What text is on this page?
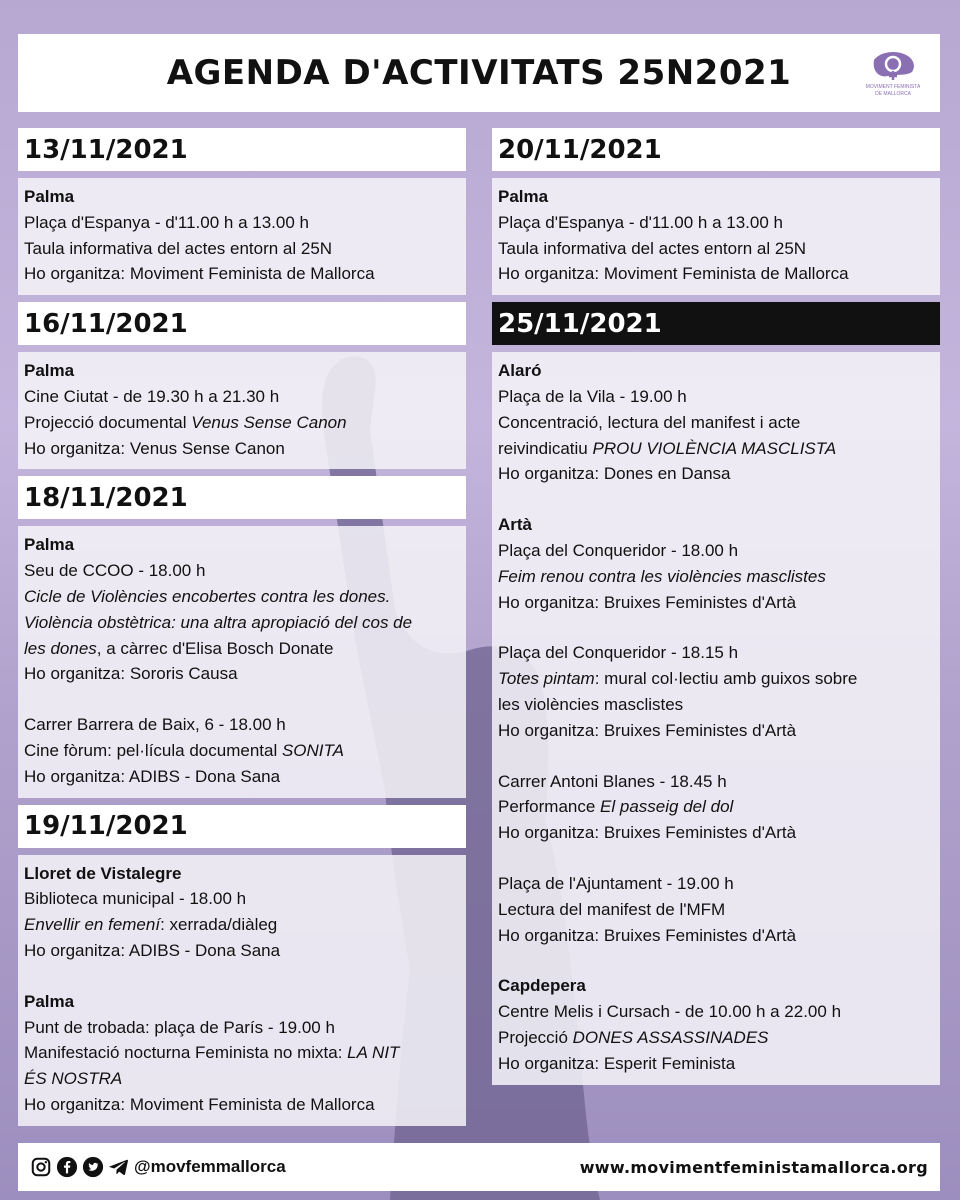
AGENDA D'ACTIVITATS 25N2021	MOVIMENT FEMINISTA
DE MALLORCA
13/11/2021
Palma
Plaça d'Espanya - d'11.00 h a 13.00 h
Taula informativa del actes entorn al 25N
Ho organitza: Moviment Feminista de Mallorca
16/11/2021
Palma
Cine Ciutat - de 19.30 h a 21.30 h
Projecció documental Venus Sense Canon
Ho organitza: Venus Sense Canon
18/11/2021
Palma
Seu de CCOO - 18.00 h
Cicle de Violències encobertes contra les dones.
Violència obstètrica: una altra apropiació del cos de
les dones, a càrrec d'Elisa Bosch Donate
Ho organitza: Sororis Causa
Carrer Barrera de Baix, 6 - 18.00 h
Cine fòrum: pel·lícula documental SONITA
Ho organitza: ADIBS - Dona Sana
19/11/2021
Lloret de Vistalegre
Biblioteca municipal - 18.00 h
Envellir en femení: xerrada/diàleg
Ho organitza: ADIBS - Dona Sana
Palma
Punt de trobada: plaça de París - 19.00 h
Manifestació nocturna Feminista no mixta: LA NIT
ÉS NOSTRA
Ho organitza: Moviment Feminista de Mallorca
20/11/2021
Palma
Plaça d'Espanya - d'11.00 h a 13.00 h
Taula informativa del actes entorn al 25N
Ho organitza: Moviment Feminista de Mallorca
25/11/2021
Alaró
Plaça de la Vila - 19.00 h
Concentració, lectura del manifest i acte
reivindicatiu PROU VIOLÈNCIA MASCLISTA
Ho organitza: Dones en Dansa
Artà
Plaça del Conqueridor - 18.00 h
Feim renou contra les violències masclistes
Ho organitza: Bruixes Feministes d'Artà
Plaça del Conqueridor - 18.15 h
Totes pintam: mural col·lectiu amb guixos sobre
les violències masclistes
Ho organitza: Bruixes Feministes d'Artà
Carrer Antoni Blanes - 18.45 h
Performance El passeig del dol
Ho organitza: Bruixes Feministes d'Artà
Plaça de l'Ajuntament - 19.00 h
Lectura del manifest de l'MFM
Ho organitza: Bruixes Feministes d'Artà
Capdepera
Centre Melis i Cursach - de 10.00 h a 22.00 h
Projecció DONES ASSASSINADES
Ho organitza: Esperit Feminista
@movfemmallorca	www.movimentfeministamallorca.org
